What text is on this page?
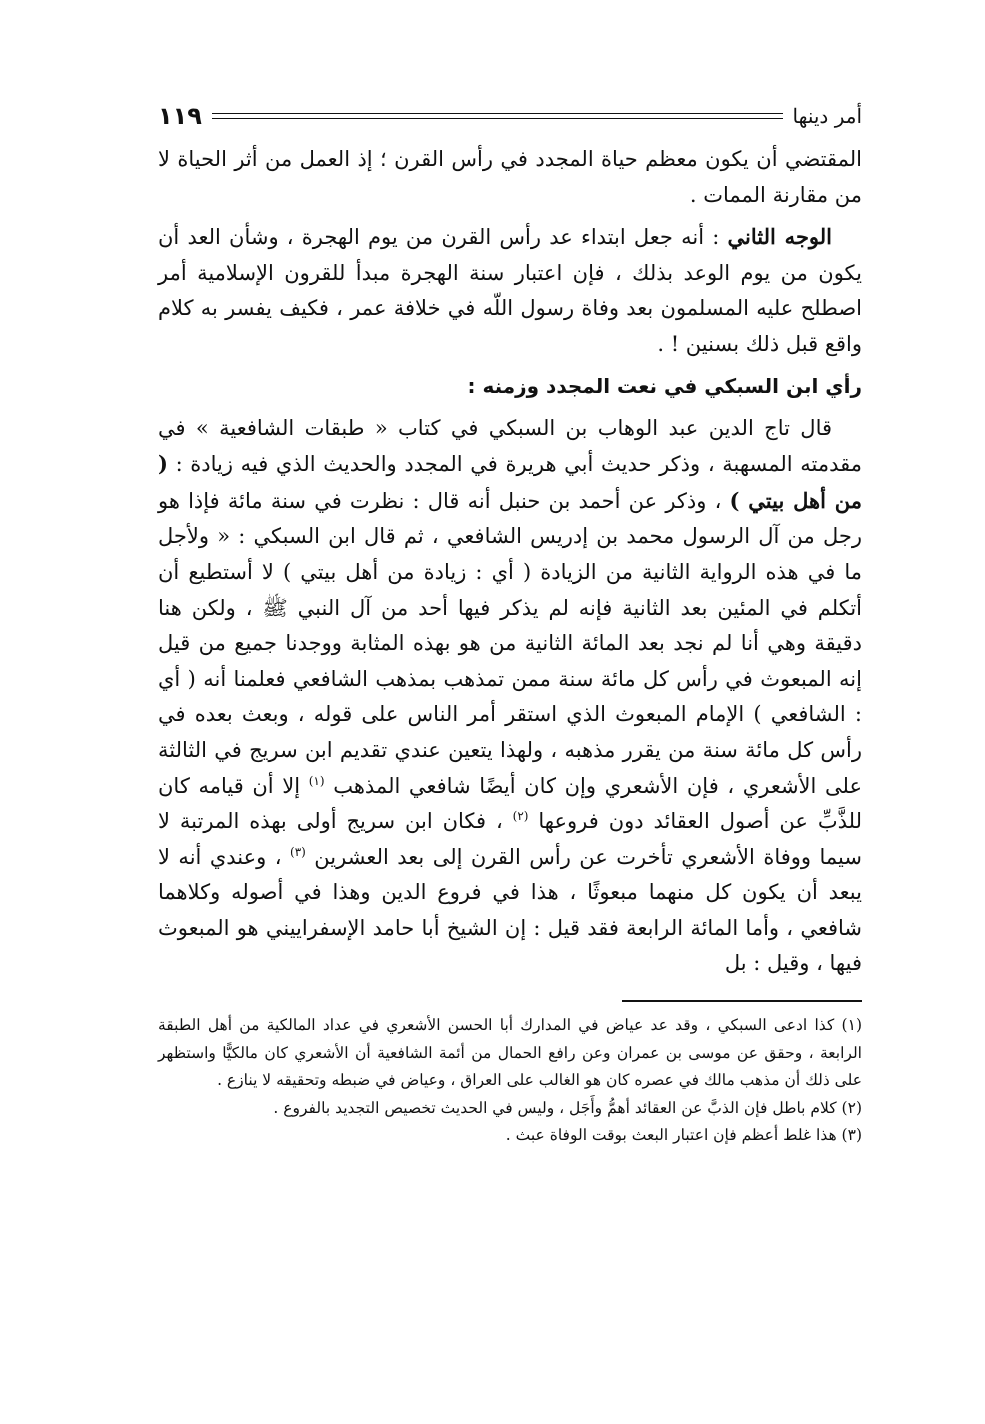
أمر دينها
١١٩

المقتضي أن يكون معظم حياة المجدد في رأس القرن ؛ إذ العمل من أثر الحياة لا من مقارنة الممات .

الوجه الثاني : أنه جعل ابتداء عد رأس القرن من يوم الهجرة ، وشأن العد أن يكون من يوم الوعد بذلك ، فإن اعتبار سنة الهجرة مبدأ للقرون الإسلامية أمر اصطلح عليه المسلمون بعد وفاة رسول اللّه في خلافة عمر ، فكيف يفسر به كلام واقع قبل ذلك بسنين ! .

رأي ابن السبكي في نعت المجدد وزمنه :

قال تاج الدين عبد الوهاب بن السبكي في كتاب « طبقات الشافعية » في مقدمته المسهبة ، وذكر حديث أبي هريرة في المجدد والحديث الذي فيه زيادة : ( من أهل بيتي ) ، وذكر عن أحمد بن حنبل أنه قال : نظرت في سنة مائة فإذا هو رجل من آل الرسول محمد بن إدريس الشافعي ، ثم قال ابن السبكي : « ولأجل ما في هذه الرواية الثانية من الزيادة ( أي : زيادة من أهل بيتي ) لا أستطيع أن أتكلم في المئين بعد الثانية فإنه لم يذكر فيها أحد من آل النبي ﷺ ، ولكن هنا دقيقة وهي أنا لم نجد بعد المائة الثانية من هو بهذه المثابة ووجدنا جميع من قيل إنه المبعوث في رأس كل مائة سنة ممن تمذهب بمذهب الشافعي فعلمنا أنه ( أي : الشافعي ) الإمام المبعوث الذي استقر أمر الناس على قوله ، وبعث بعده في رأس كل مائة سنة من يقرر مذهبه ، ولهذا يتعين عندي تقديم ابن سريج في الثالثة على الأشعري ، فإن الأشعري وإن كان أيضًا شافعي المذهب $^{(١)}$ إلا أن قيامه كان للذَّبِّ عن أصول العقائد دون فروعها $^{(٢)}$ ، فكان ابن سريج أولى بهذه المرتبة لا سيما ووفاة الأشعري تأخرت عن رأس القرن إلى بعد العشرين $^{(٣)}$ ، وعندي أنه لا يبعد أن يكون كل منهما مبعوثًا ، هذا في فروع الدين وهذا في أصوله وكلاهما شافعي ، وأما المائة الرابعة فقد قيل : إن الشيخ أبا حامد الإسفراييني هو المبعوث فيها ، وقيل : بل

(١) كذا ادعى السبكي ، وقد عد عياض في المدارك أبا الحسن الأشعري في عداد المالكية من أهل الطبقة الرابعة ، وحقق عن موسى بن عمران وعن رافع الحمال من أئمة الشافعية أن الأشعري كان مالكيًّا واستظهر على ذلك أن مذهب مالك في عصره كان هو الغالب على العراق ، وعياض في ضبطه وتحقيقه لا ينازع .

(٢) كلام باطل فإن الذبَّ عن العقائد أهمُّ وأَجَل ، وليس في الحديث تخصيص التجديد بالفروع .

(٣) هذا غلط أعظم فإن اعتبار البعث بوقت الوفاة عبث .
